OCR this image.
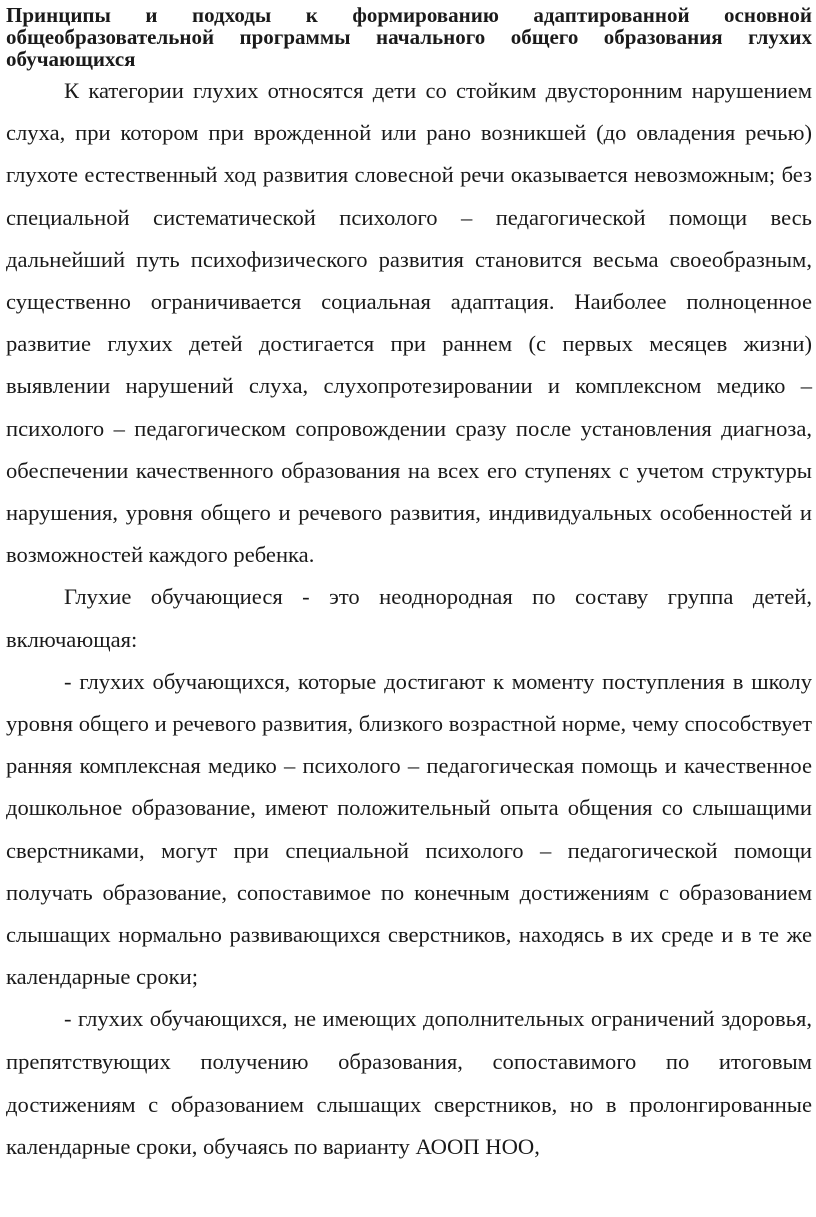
Принципы и подходы к формированию адаптированной основной общеобразовательной программы начального общего образования глухих обучающихся

К категории глухих относятся дети со стойким двусторонним нарушением слуха, при котором при врожденной или рано возникшей (до овладения речью) глухоте естественный ход развития словесной речи оказывается невозможным; без специальной систематической психолого – педагогической помощи весь дальнейший путь психофизического развития становится весьма своеобразным, существенно ограничивается социальная адаптация. Наиболее полноценное развитие глухих детей достигается при раннем (с первых месяцев жизни) выявлении нарушений слуха, слухопротезировании и комплексном медико – психолого – педагогическом сопровождении сразу после установления диагноза, обеспечении качественного образования на всех его ступенях с учетом структуры нарушения, уровня общего и речевого развития, индивидуальных особенностей и возможностей каждого ребенка.

Глухие обучающиеся - это неоднородная по составу группа детей, включающая:

- глухих обучающихся, которые достигают к моменту поступления в школу уровня общего и речевого развития, близкого возрастной норме, чему способствует ранняя комплексная медико – психолого – педагогическая помощь и качественное дошкольное образование, имеют положительный опыта общения со слышащими сверстниками, могут при специальной психолого – педагогической помощи получать образование, сопоставимое по конечным достижениям с образованием слышащих нормально развивающихся сверстников, находясь в их среде и в те же календарные сроки;

- глухих обучающихся, не имеющих дополнительных ограничений здоровья, препятствующих получению образования, сопоставимого по итоговым достижениям с образованием слышащих сверстников, но в пролонгированные календарные сроки, обучаясь по варианту АООП НОО,
